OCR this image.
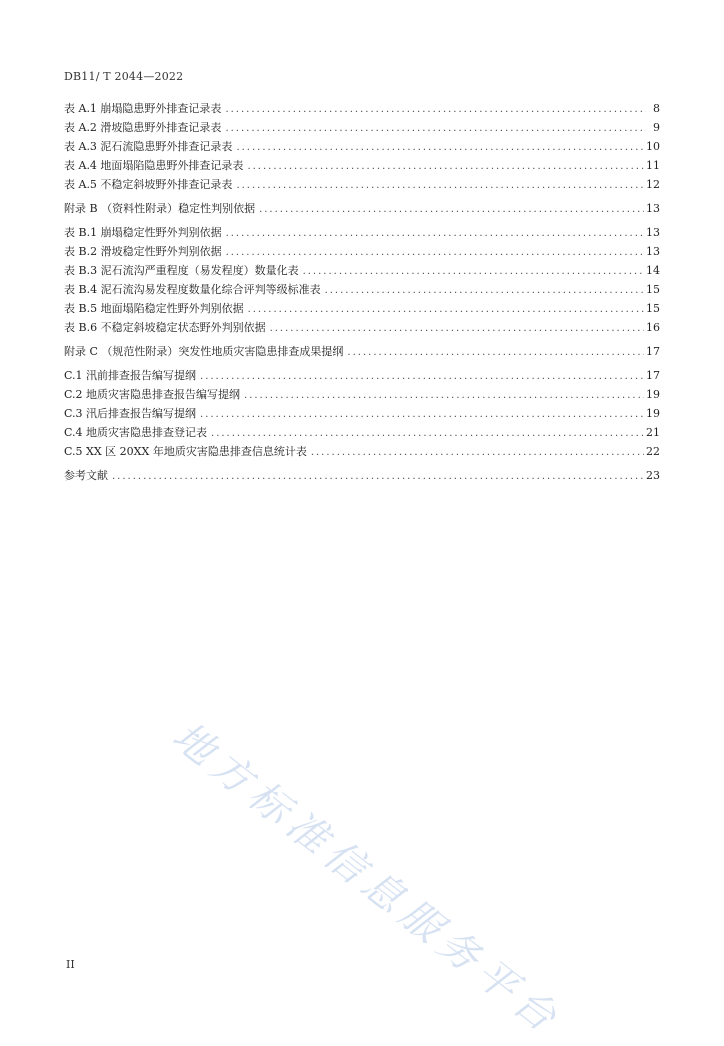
DB11/ T 2044—2022
表 A.1 崩塌隐患野外排查记录表 .....	8
表 A.2 滑坡隐患野外排查记录表 .....	9
表 A.3 泥石流隐患野外排查记录表 .....	10
表 A.4 地面塌陷隐患野外排查记录表 .....	11
表 A.5 不稳定斜坡野外排查记录表 .....	12
附录 B （资料性附录）稳定性判别依据 .....	13
表 B.1 崩塌稳定性野外判别依据 .....	13
表 B.2 滑坡稳定性野外判别依据 .....	13
表 B.3 泥石流沟严重程度（易发程度）数量化表 .....	14
表 B.4 泥石流沟易发程度数量化综合评判等级标准表 .....	15
表 B.5 地面塌陷稳定性野外判别依据 .....	15
表 B.6 不稳定斜坡稳定状态野外判别依据 .....	16
附录 C （规范性附录）突发性地质灾害隐患排查成果提纲 .....	17
C.1 汛前排查报告编写提纲 .....	17
C.2 地质灾害隐患排查报告编写提纲 .....	19
C.3 汛后排查报告编写提纲 .....	19
C.4 地质灾害隐患排查登记表 .....	21
C.5 XX 区 20XX 年地质灾害隐患排查信息统计表 .....	22
参考文献 .....	23
地方标准信息服务平台
II
